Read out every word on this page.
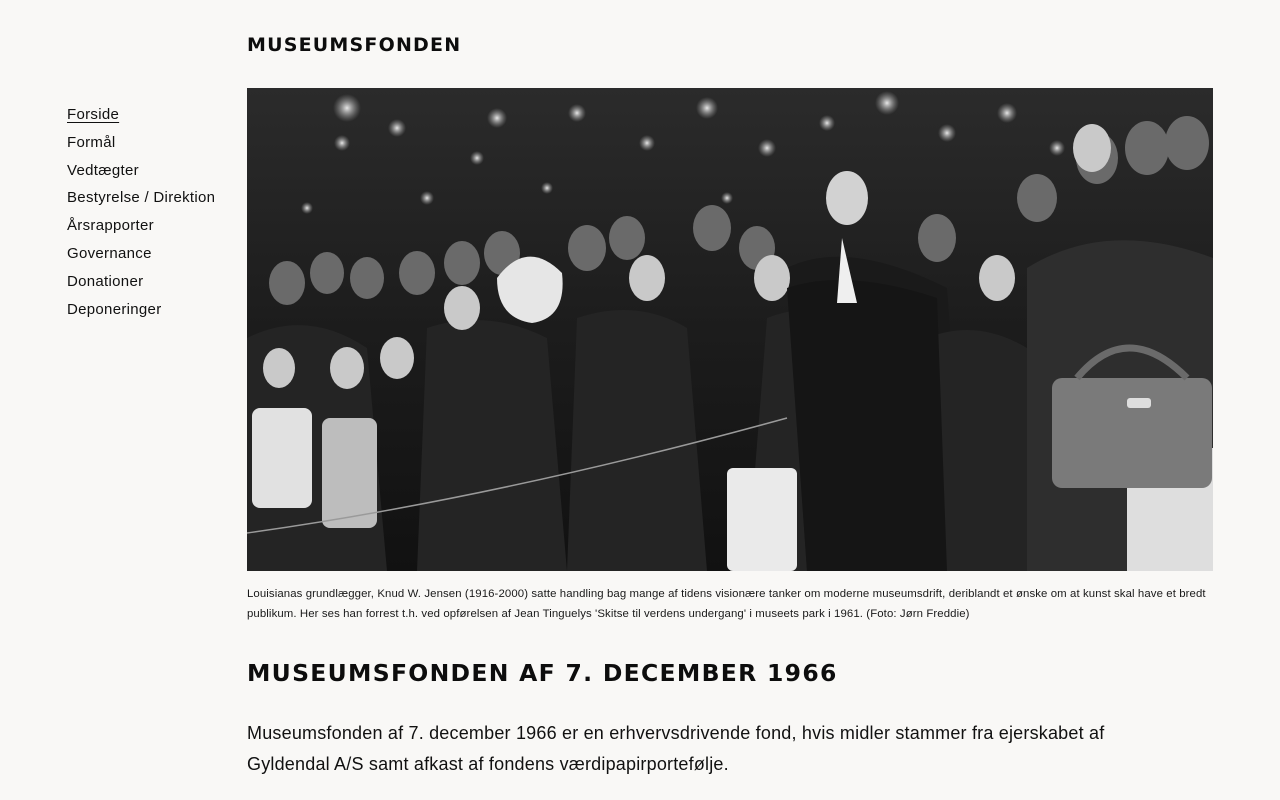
MUSEUMSFONDEN
Forside
Formål
Vedtægter
Bestyrelse / Direktion
Årsrapporter
Governance
Donationer
Deponeringer

Louisianas grundlægger, Knud W. Jensen (1916-2000) satte handling bag mange af tidens visionære tanker om moderne museumsdrift, deriblandt et ønske om at kunst skal have et bredt publikum. Her ses han forrest t.h. ved opførelsen af Jean Tinguelys 'Skitse til verdens undergang' i museets park i 1961. (Foto: Jørn Freddie)

MUSEUMSFONDEN AF 7. DECEMBER 1966

Museumsfonden af 7. december 1966 er en erhvervsdrivende fond, hvis midler stammer fra ejerskabet af Gyldendal A/S samt afkast af fondens værdipapirportefølje.
